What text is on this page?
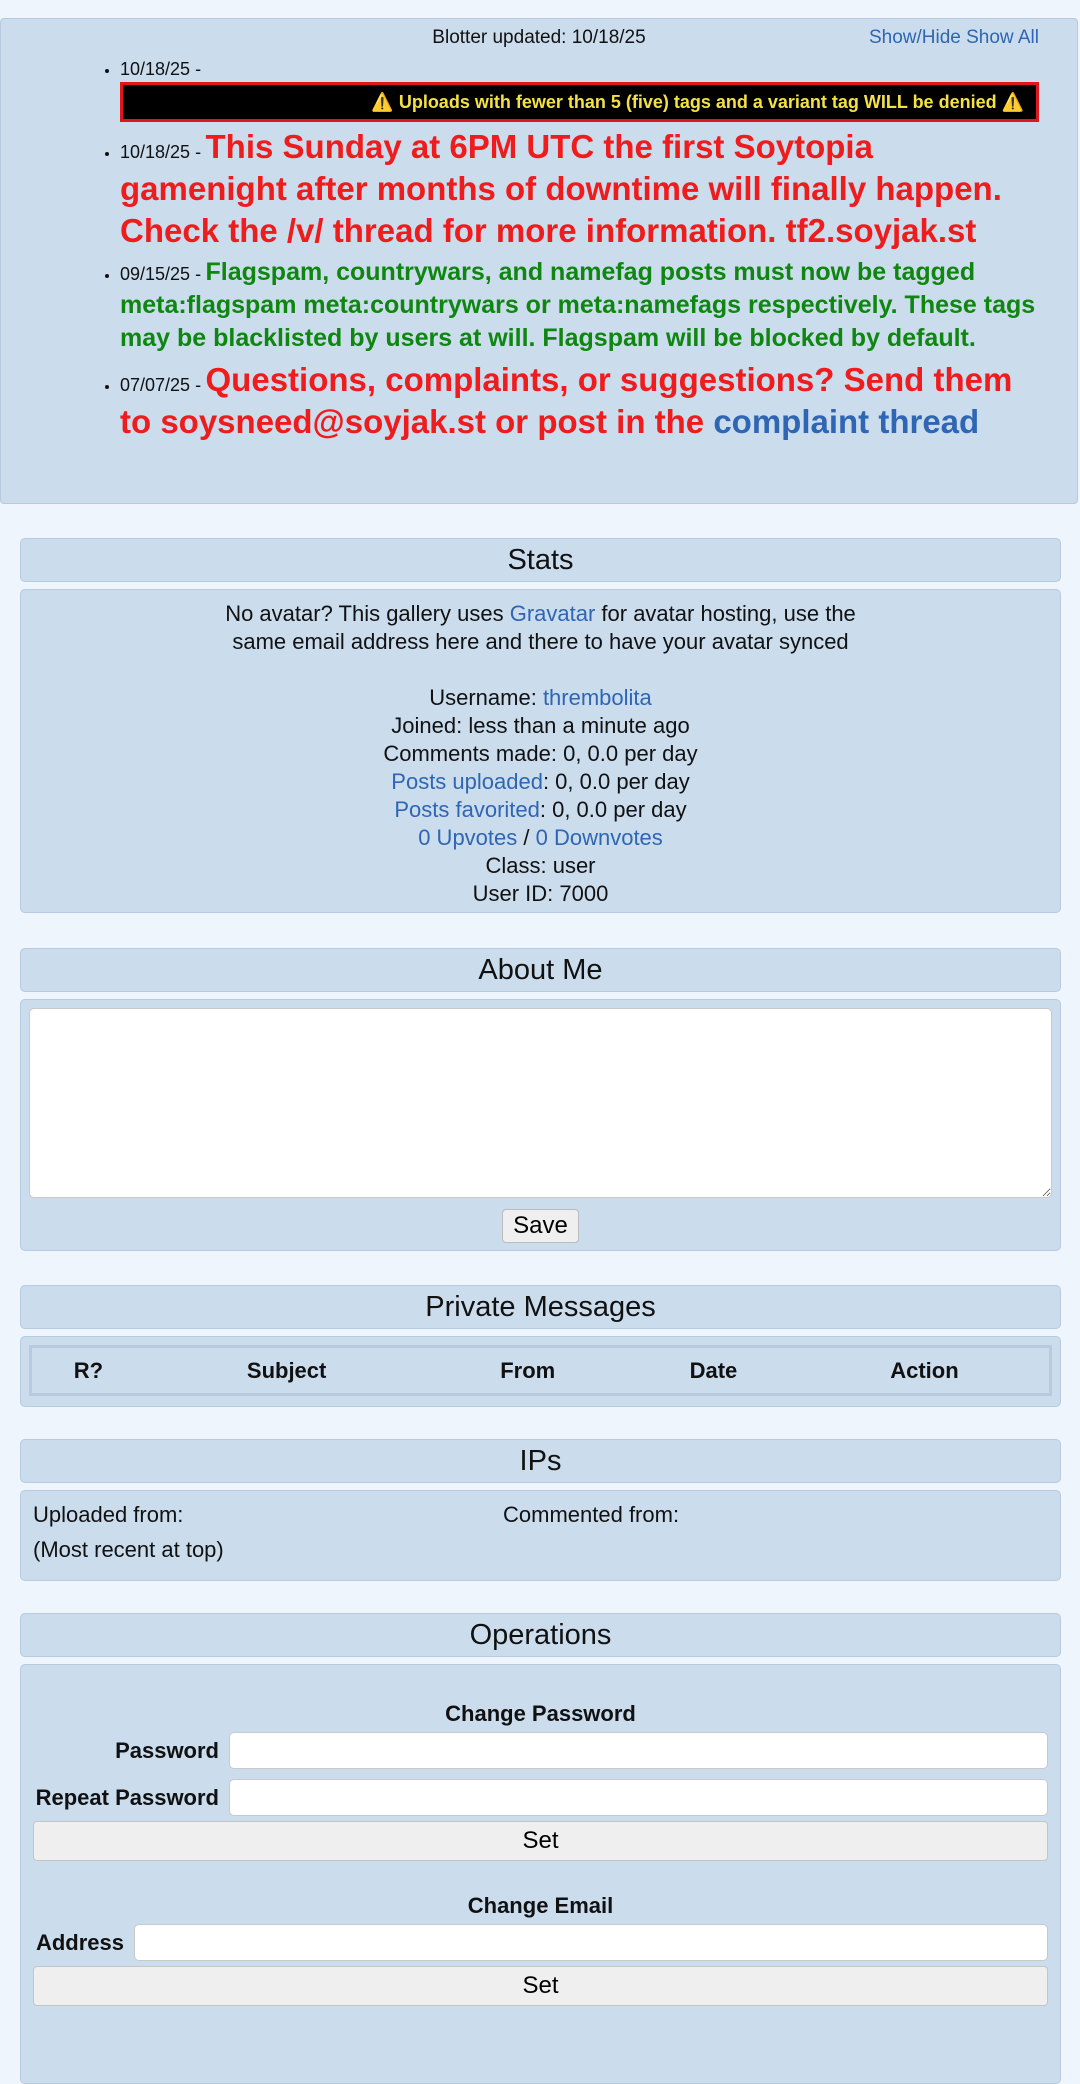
Blotter updated: 10/18/25	Show/Hide Show All
• 10/18/25 -
⚠️ Uploads with fewer than 5 (five) tags and a variant tag WILL be denied ⚠️
• 10/18/25 - This Sunday at 6PM UTC the first Soytopia gamenight after months of downtime will finally happen. Check the /v/ thread for more information. tf2.soyjak.st
• 09/15/25 - Flagspam, countrywars, and namefag posts must now be tagged meta:flagspam meta:countrywars or meta:namefags respectively. These tags may be blacklisted by users at will. Flagspam will be blocked by default.
• 07/07/25 - Questions, complaints, or suggestions? Send them to soysneed@soyjak.st or post in the complaint thread
Stats
No avatar? This gallery uses Gravatar for avatar hosting, use the same email address here and there to have your avatar synced
Username: thrembolita
Joined: less than a minute ago
Comments made: 0, 0.0 per day
Posts uploaded: 0, 0.0 per day
Posts favorited: 0, 0.0 per day
0 Upvotes / 0 Downvotes
Class: user
User ID: 7000
About Me
Save
Private Messages
R?	Subject	From	Date	Action
IPs
Uploaded from:
(Most recent at top)
Commented from:
Operations
Change Password
Password
Repeat Password
Set
Change Email
Address
Set
